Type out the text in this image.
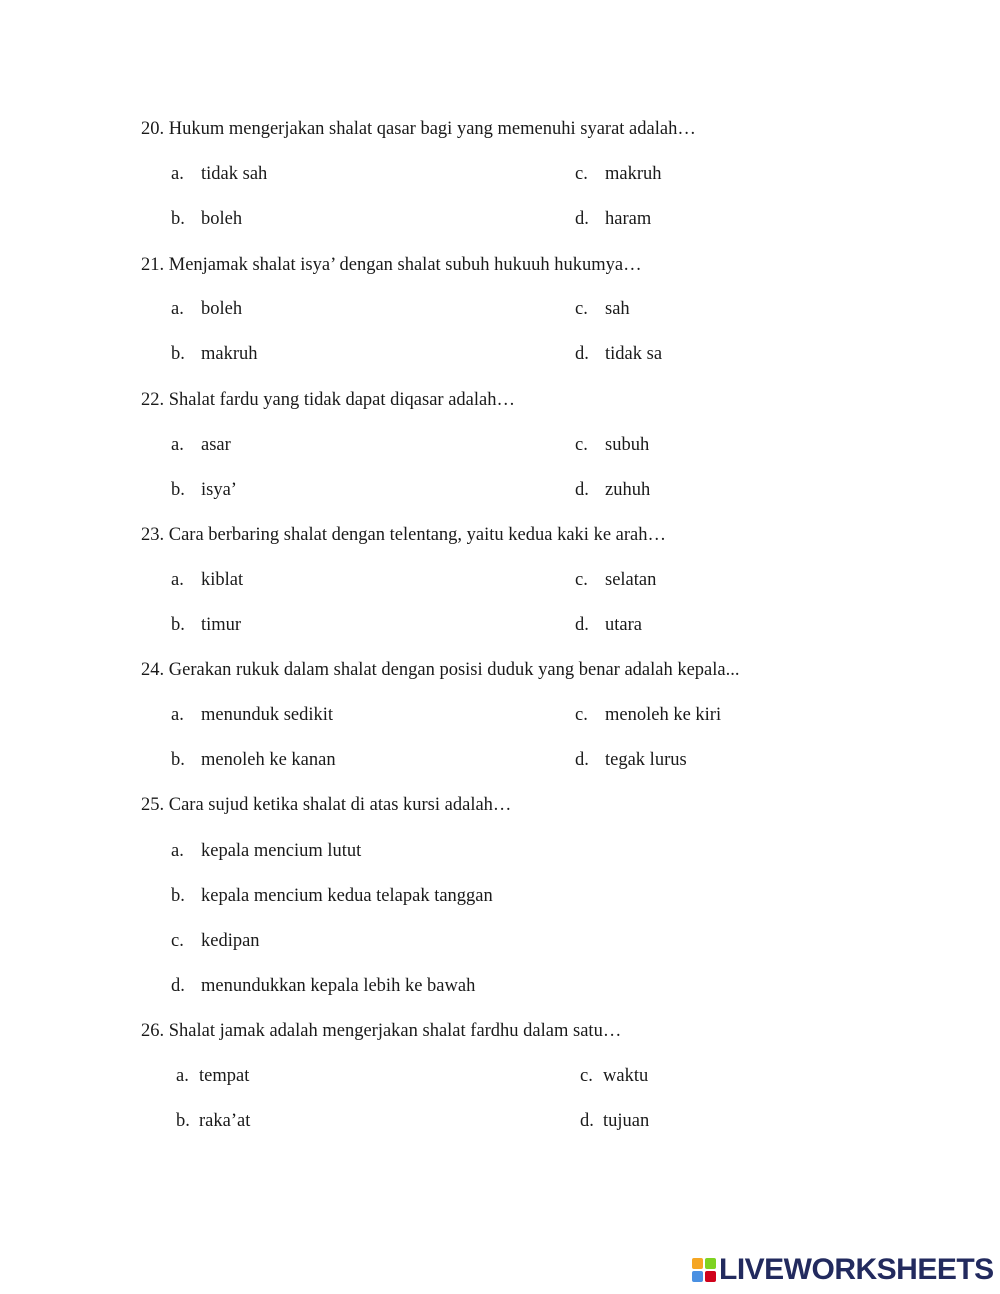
20. Hukum mengerjakan shalat qasar bagi yang memenuhi syarat adalah…
a. tidak sah	c. makruh
b. boleh	d. haram
21. Menjamak shalat isya’ dengan shalat subuh hukuuh hukumya…
a. boleh	c. sah
b. makruh	d. tidak sa
22. Shalat fardu yang tidak dapat diqasar adalah…
a. asar	c. subuh
b. isya’	d. zuhuh
23. Cara berbaring shalat dengan telentang, yaitu kedua kaki ke arah…
a. kiblat	c. selatan
b. timur	d. utara
24. Gerakan rukuk dalam shalat dengan posisi duduk yang benar adalah kepala...
a. menunduk sedikit	c. menoleh ke kiri
b. menoleh ke kanan	d. tegak lurus
25. Cara sujud ketika shalat di atas kursi adalah…
a. kepala mencium lutut
b. kepala mencium kedua telapak tanggan
c. kedipan
d. menundukkan kepala lebih ke bawah
26. Shalat jamak adalah mengerjakan shalat fardhu dalam satu…
a. tempat	c. waktu
b. raka’at	d. tujuan
LIVEWORKSHEETS
